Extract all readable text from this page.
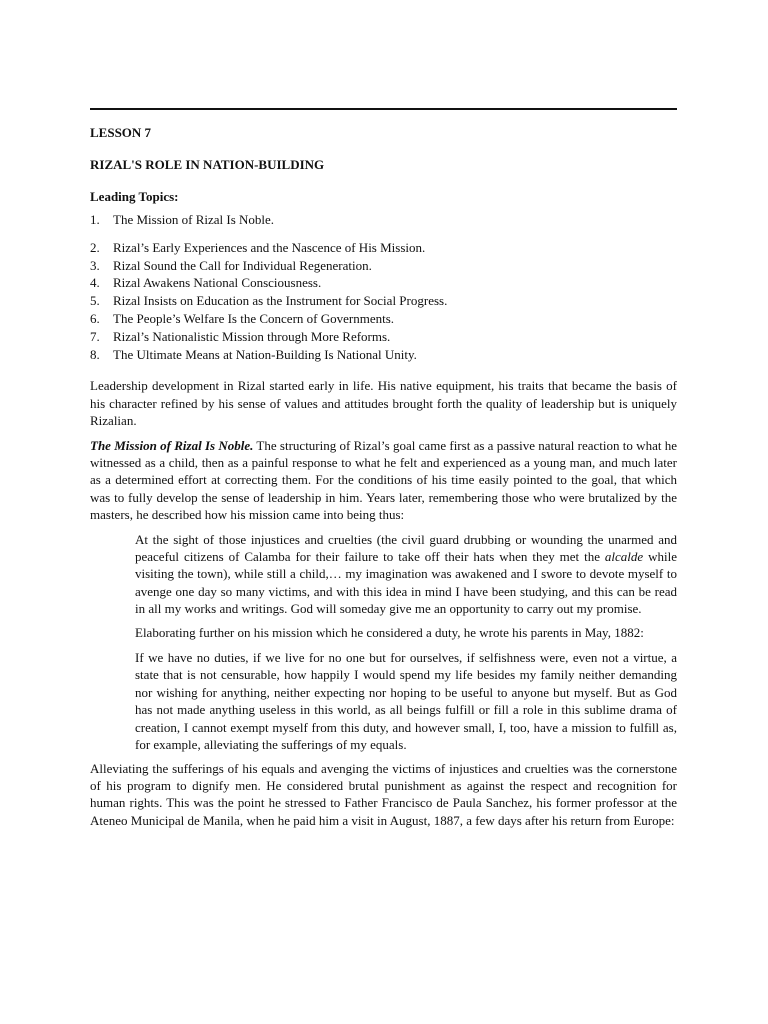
LESSON 7
RIZAL'S ROLE IN NATION-BUILDING
Leading Topics:
1.	The Mission of Rizal Is Noble.
2.	Rizal’s Early Experiences and the Nascence of His Mission.
3.	Rizal Sound the Call for Individual Regeneration.
4.	Rizal Awakens National Consciousness.
5.	Rizal Insists on Education as the Instrument for Social Progress.
6.	The People’s Welfare Is the Concern of Governments.
7.	Rizal’s Nationalistic Mission through More Reforms.
8.	The Ultimate Means at Nation-Building Is National Unity.

Leadership development in Rizal started early in life. His native equipment, his traits that became the basis of his character refined by his sense of values and attitudes brought forth the quality of leadership but is uniquely Rizalian.

The Mission of Rizal Is Noble. The structuring of Rizal’s goal came first as a passive natural reaction to what he witnessed as a child, then as a painful response to what he felt and experienced as a young man, and much later as a determined effort at correcting them. For the conditions of his time easily pointed to the goal, that which was to fully develop the sense of leadership in him. Years later, remembering those who were brutalized by the masters, he described how his mission came into being thus:

At the sight of those injustices and cruelties (the civil guard drubbing or wounding the unarmed and peaceful citizens of Calamba for their failure to take off their hats when they met the alcalde while visiting the town), while still a child,… my imagination was awakened and I swore to devote myself to avenge one day so many victims, and with this idea in mind I have been studying, and this can be read in all my works and writings. God will someday give me an opportunity to carry out my promise.

Elaborating further on his mission which he considered a duty, he wrote his parents in May, 1882:

If we have no duties, if we live for no one but for ourselves, if selfishness were, even not a virtue, a state that is not censurable, how happily I would spend my life besides my family neither demanding nor wishing for anything, neither expecting nor hoping to be useful to anyone but myself. But as God has not made anything useless in this world, as all beings fulfill or fill a role in this sublime drama of creation, I cannot exempt myself from this duty, and however small, I, too, have a mission to fulfill as, for example, alleviating the sufferings of my equals.

Alleviating the sufferings of his equals and avenging the victims of injustices and cruelties was the cornerstone of his program to dignify men. He considered brutal punishment as against the respect and recognition for human rights. This was the point he stressed to Father Francisco de Paula Sanchez, his former professor at the Ateneo Municipal de Manila, when he paid him a visit in August, 1887, a few days after his return from Europe:
